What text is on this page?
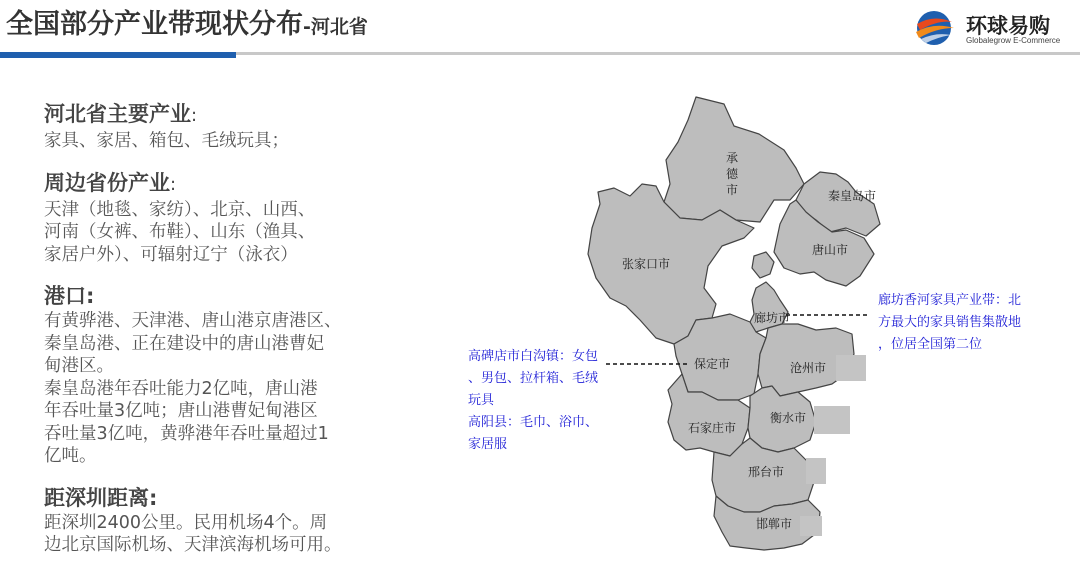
全国部分产业带现状分布-河北省	环球易购
Globalegrow E-Commerce
河北省主要产业:
家具、家居、箱包、毛绒玩具；
周边省份产业:
天津（地毯、家纺）、北京、山西、
河南（女裤、布鞋）、山东（渔具、
家居户外）、可辐射辽宁（泳衣）
港口:
有黄骅港、天津港、唐山港京唐港区、
秦皇岛港、正在建设中的唐山港曹妃
甸港区。
秦皇岛港年吞吐能力2亿吨，唐山港
年吞吐量3亿吨；唐山港曹妃甸港区
吞吐量3亿吨，黄骅港年吞吐量超过1
亿吨。
距深圳距离:
距深圳2400公里。民用机场4个。周
边北京国际机场、天津滨海机场可用。
承
德
市	秦皇岛市
唐山市
张家口市
廊坊市
保定市	沧州市
衡水市
石家庄市
邢台市
邯郸市
廊坊香河家具产业带：北
方最大的家具销售集散地
，位居全国第二位
高碑店市白沟镇：女包
、男包、拉杆箱、毛绒
玩具
高阳县：毛巾、浴巾、
家居服
